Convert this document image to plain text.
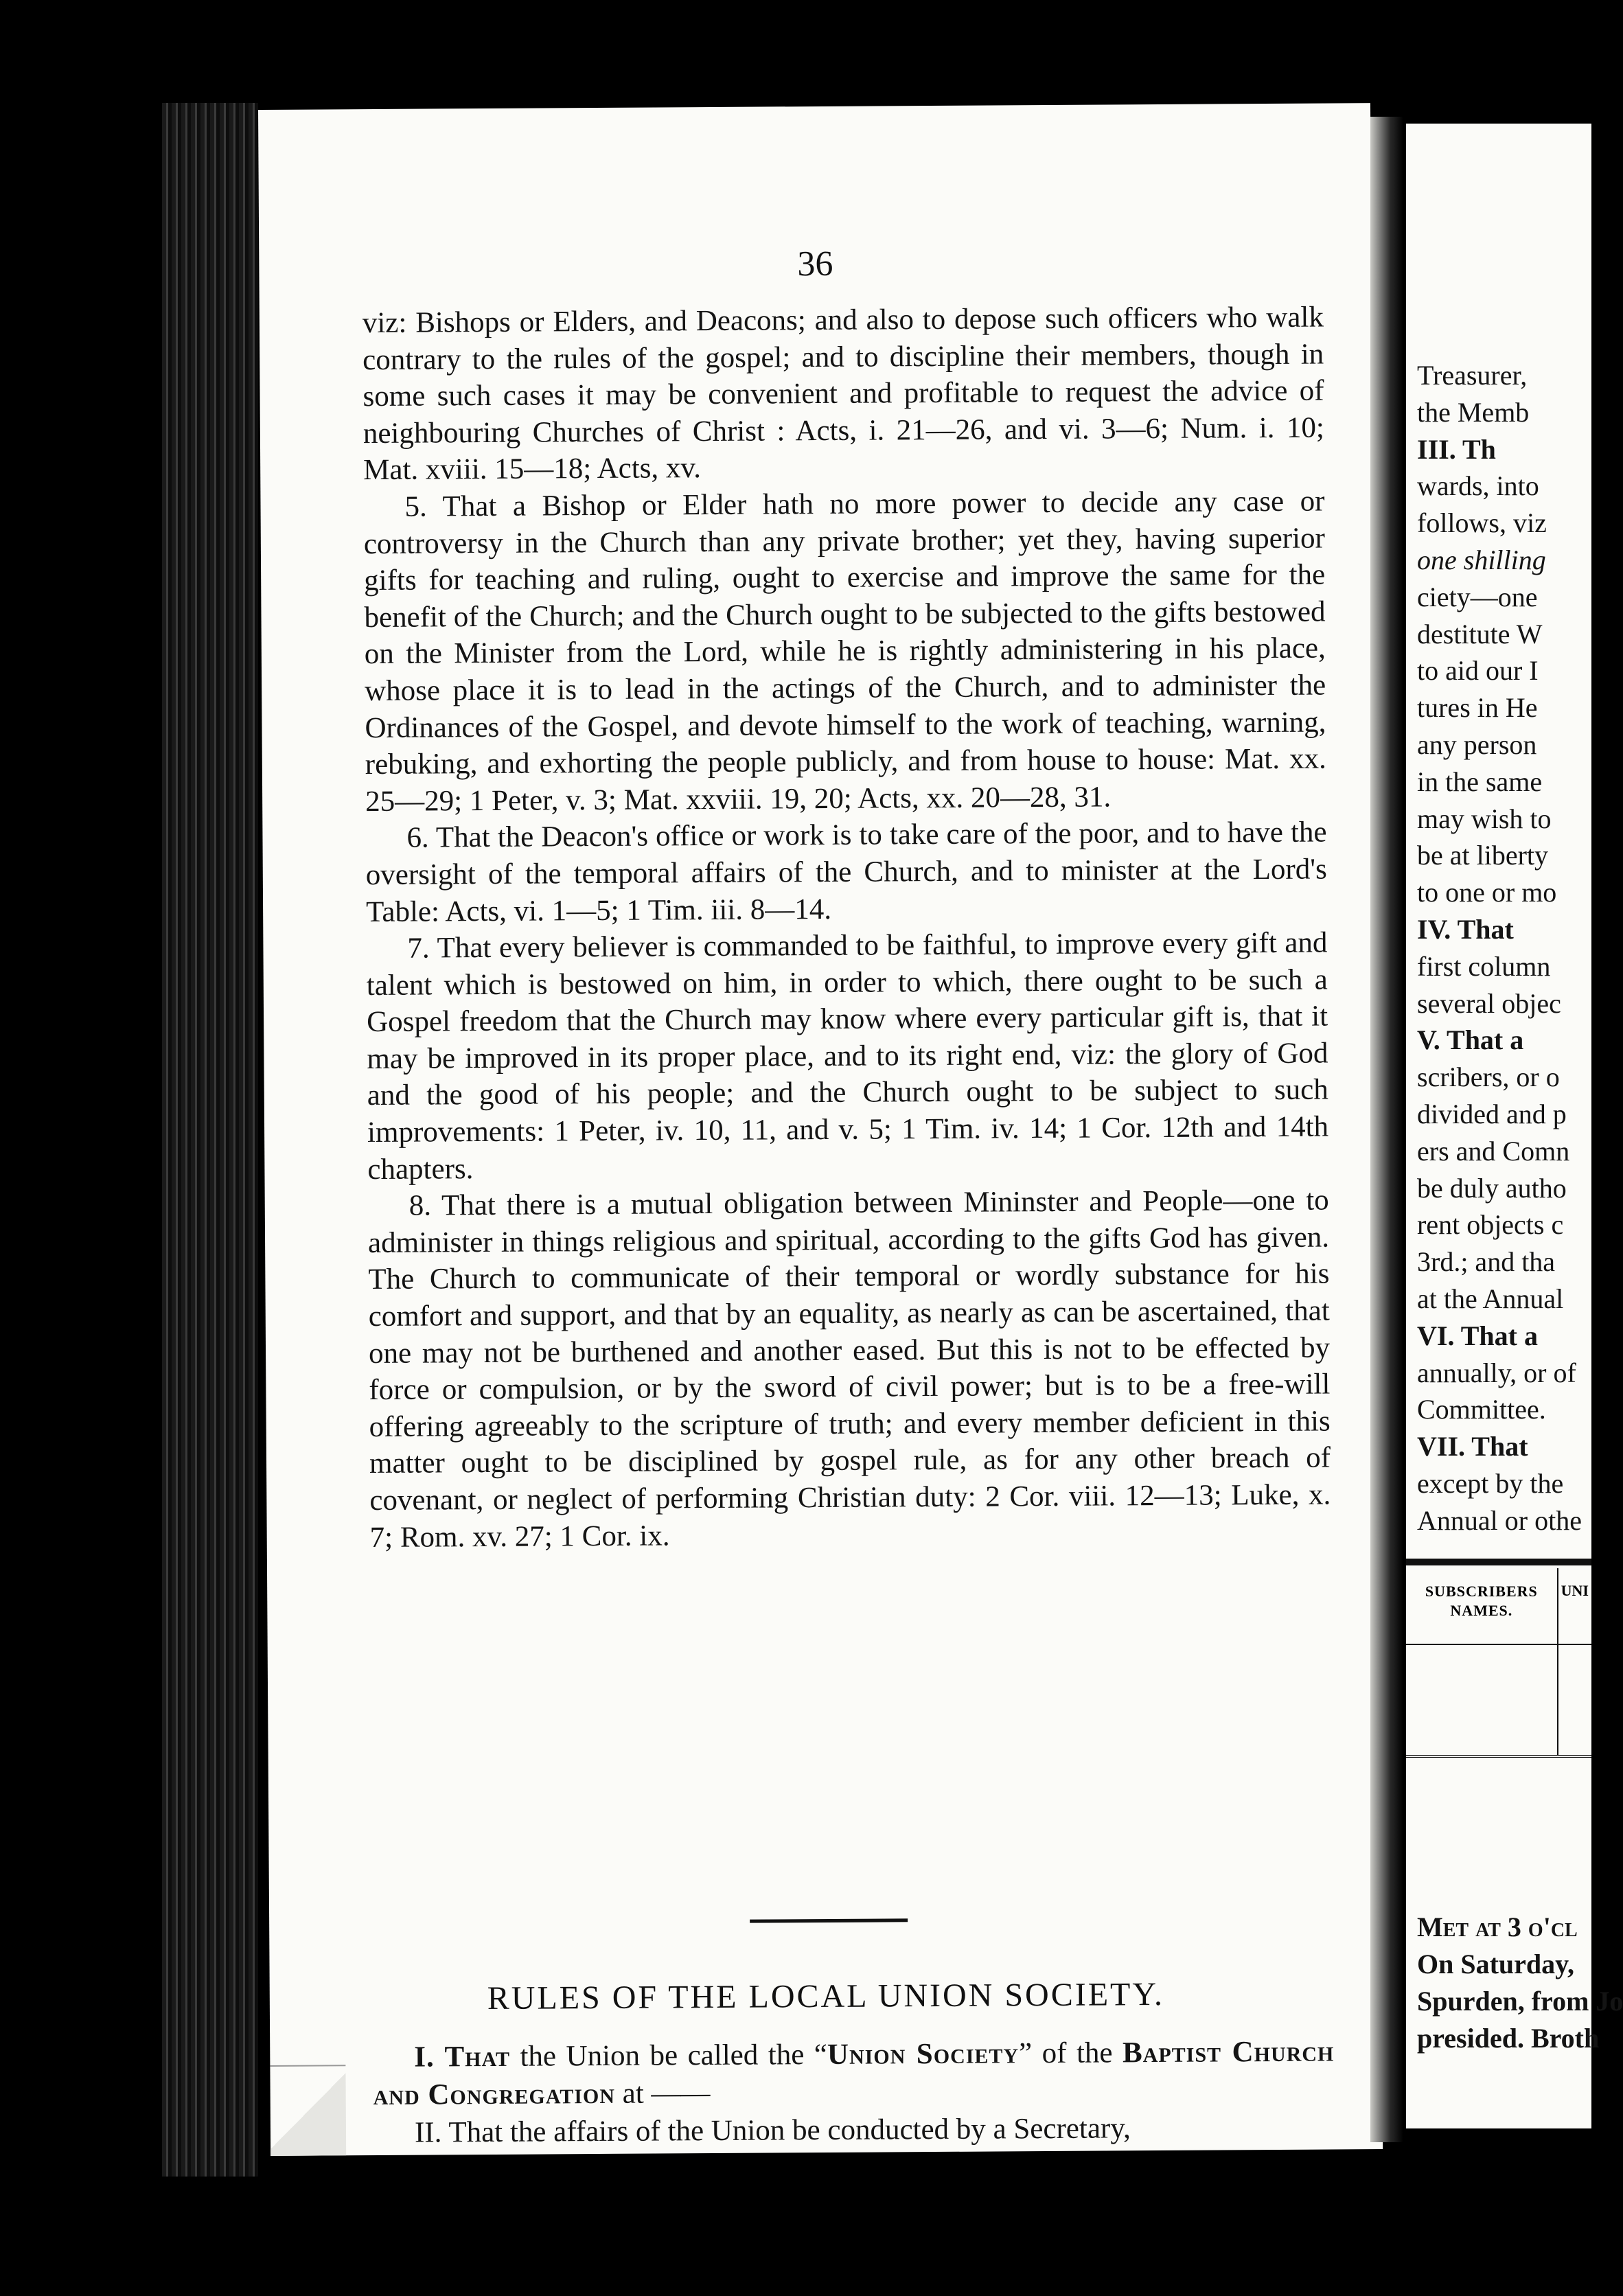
36

viz: Bishops or Elders, and Deacons; and also to depose such officers who walk contrary to the rules of the gospel; and to discipline their members, though in some such cases it may be convenient and profitable to request the advice of neighbouring Churches of Christ : Acts, i. 21—26, and vi. 3—6; Num. i. 10; Mat. xviii. 15—18; Acts, xv.

5. That a Bishop or Elder hath no more power to decide any case or controversy in the Church than any private brother; yet they, having superior gifts for teaching and ruling, ought to exercise and improve the same for the benefit of the Church; and the Church ought to be subjected to the gifts bestowed on the Minister from the Lord, while he is rightly administering in his place, whose place it is to lead in the actings of the Church, and to administer the Ordinances of the Gospel, and devote himself to the work of teaching, warning, rebuking, and exhorting the people publicly, and from house to house: Mat. xx. 25—29; 1 Peter, v. 3; Mat. xxviii. 19, 20; Acts, xx. 20—28, 31.

6. That the Deacon's office or work is to take care of the poor, and to have the oversight of the temporal affairs of the Church, and to minister at the Lord's Table: Acts, vi. 1—5; 1 Tim. iii. 8—14.

7. That every believer is commanded to be faithful, to improve every gift and talent which is bestowed on him, in order to which, there ought to be such a Gospel freedom that the Church may know where every particular gift is, that it may be improved in its proper place, and to its right end, viz: the glory of God and the good of his people; and the Church ought to be subject to such improvements: 1 Peter, iv. 10, 11, and v. 5; 1 Tim. iv. 14; 1 Cor. 12th and 14th chapters.

8. That there is a mutual obligation between Mininster and People—one to administer in things religious and spiritual, according to the gifts God has given. The Church to communicate of their temporal or wordly substance for his comfort and support, and that by an equality, as nearly as can be ascertained, that one may not be burthened and another eased. But this is not to be effected by force or compulsion, or by the sword of civil power; but is to be a free-will offering agreeably to the scripture of truth; and every member deficient in this matter ought to be disciplined by gospel rule, as for any other breach of covenant, or neglect of performing Christian duty: 2 Cor. viii. 12—13; Luke, x. 7; Rom. xv. 27; 1 Cor. ix.

RULES OF THE LOCAL UNION SOCIETY.

I. That the Union be called the “Union Society” of the Baptist Church and Congregation at ——

II. That the affairs of the Union be conducted by a Secretary,

Treasurer,
the Memb
III. Th
wards, into
follows, viz
one shilling
ciety—one
destitute W
to aid our I
tures in He
any person
in the same
may wish to
be at liberty
to one or mo
IV. That
first column
several objec
V. That a
scribers, or o
divided and p
ers and Comn
be duly autho
rent objects c
3rd.; and tha
at the Annual
VI. That a
annually, or of
Committee.
VII. That
except by the
Annual or othe
SUBSCRIBERS NAMES.
UNI
Met at 3 o'cl
On Saturday,
Spurden, from Jo
presided. Broth
